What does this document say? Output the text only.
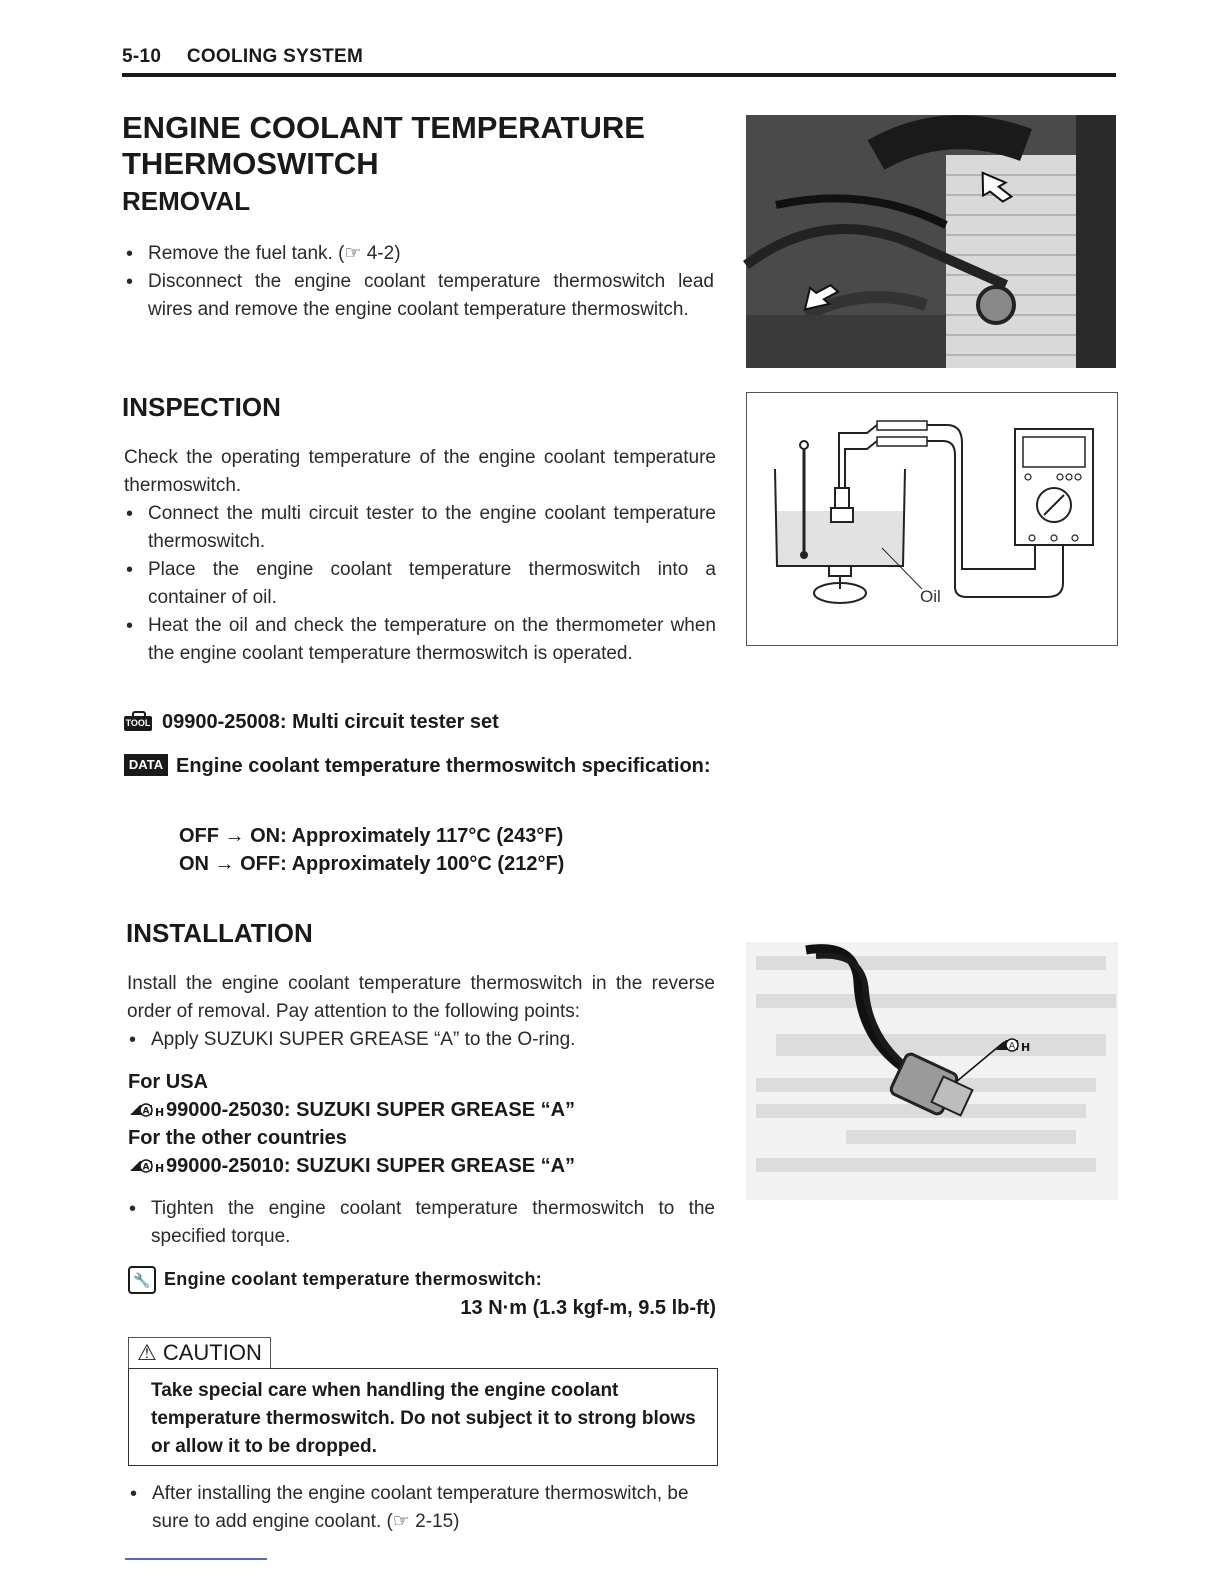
5-10 COOLING SYSTEM
ENGINE COOLANT TEMPERATURE THERMOSWITCH
REMOVAL
• Remove the fuel tank. (☞ 4-2)
• Disconnect the engine coolant temperature thermoswitch lead wires and remove the engine coolant temperature thermoswitch.
INSPECTION
Check the operating temperature of the engine coolant temperature thermoswitch.
• Connect the multi circuit tester to the engine coolant temperature thermoswitch.
• Place the engine coolant temperature thermoswitch into a container of oil.
• Heat the oil and check the temperature on the thermometer when the engine coolant temperature thermoswitch is operated.
TOOL 09900-25008: Multi circuit tester set
DATA Engine coolant temperature thermoswitch specification:
OFF → ON: Approximately 117°C (243°F)
ON → OFF: Approximately 100°C (212°F)
Oil
INSTALLATION
Install the engine coolant temperature thermoswitch in the reverse order of removal. Pay attention to the following points:
• Apply SUZUKI SUPER GREASE “A” to the O-ring.
For USA
A H 99000-25030: SUZUKI SUPER GREASE “A”
For the other countries
A H 99000-25010: SUZUKI SUPER GREASE “A”
• Tighten the engine coolant temperature thermoswitch to the specified torque.
🔧 Engine coolant temperature thermoswitch:
13 N·m (1.3 kgf-m, 9.5 lb-ft)
⚠ CAUTION
Take special care when handling the engine coolant temperature thermoswitch. Do not subject it to strong blows or allow it to be dropped.
• After installing the engine coolant temperature thermoswitch, be sure to add engine coolant. (☞ 2-15)
A H
